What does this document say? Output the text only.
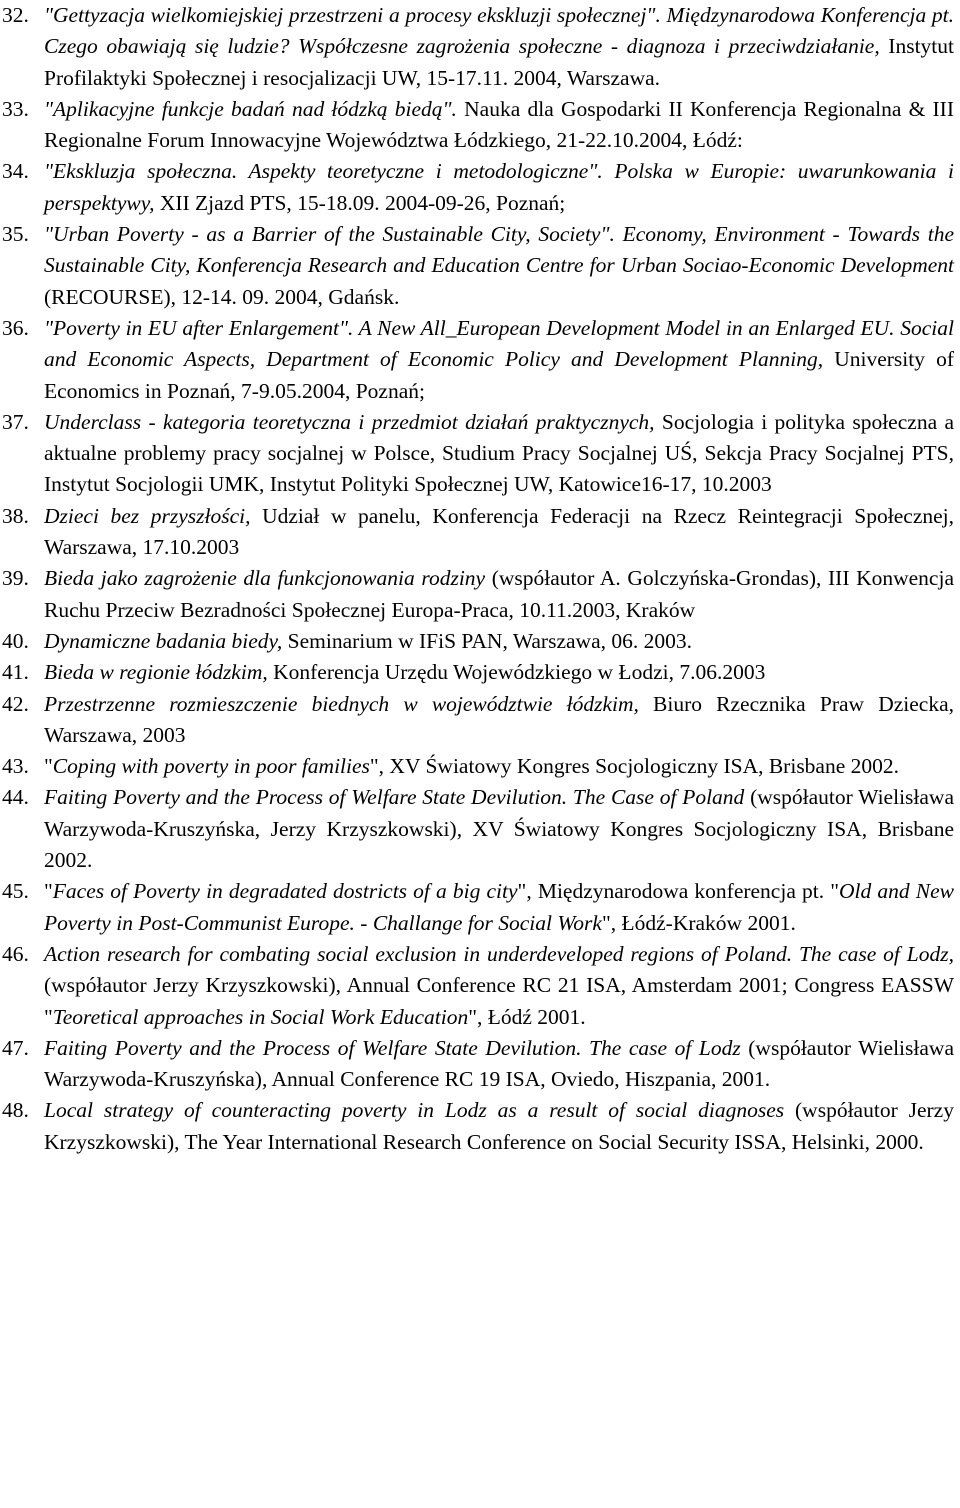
32. "Gettyzacja wielkomiejskiej przestrzeni a procesy ekskluzji społecznej". Międzynarodowa Konferencja pt. Czego obawiają się ludzie? Współczesne zagrożenia społeczne - diagnoza i przeciwdziałanie, Instytut Profilaktyki Społecznej i resocjalizacji UW, 15-17.11. 2004, Warszawa.
33. "Aplikacyjne funkcje badań nad łódzką biedą". Nauka dla Gospodarki II Konferencja Regionalna & III Regionalne Forum Innowacyjne Województwa Łódzkiego, 21-22.10.2004, Łódź:
34. "Ekskluzja społeczna. Aspekty teoretyczne i metodologiczne". Polska w Europie: uwarunkowania i perspektywy, XII Zjazd PTS, 15-18.09. 2004-09-26, Poznań;
35. "Urban Poverty - as a Barrier of the Sustainable City, Society". Economy, Environment - Towards the Sustainable City, Konferencja Research and Education Centre for Urban Sociao-Economic Development (RECOURSE), 12-14. 09. 2004, Gdańsk.
36. "Poverty in EU after Enlargement". A New All_European Development Model in an Enlarged EU. Social and Economic Aspects, Department of Economic Policy and Development Planning, University of Economics in Poznań, 7-9.05.2004, Poznań;
37. Underclass - kategoria teoretyczna i przedmiot działań praktycznych, Socjologia i polityka społeczna a aktualne problemy pracy socjalnej w Polsce, Studium Pracy Socjalnej UŚ, Sekcja Pracy Socjalnej PTS, Instytut Socjologii UMK, Instytut Polityki Społecznej UW, Katowice16-17, 10.2003
38. Dzieci bez przyszłości, Udział w panelu, Konferencja Federacji na Rzecz Reintegracji Społecznej, Warszawa, 17.10.2003
39. Bieda jako zagrożenie dla funkcjonowania rodziny (współautor A. Golczyńska-Grondas), III Konwencja Ruchu Przeciw Bezradności Społecznej Europa-Praca, 10.11.2003, Kraków
40. Dynamiczne badania biedy, Seminarium w IFiS PAN, Warszawa, 06. 2003.
41. Bieda w regionie łódzkim, Konferencja Urzędu Wojewódzkiego w Łodzi, 7.06.2003
42. Przestrzenne rozmieszczenie biednych w województwie łódzkim, Biuro Rzecznika Praw Dziecka, Warszawa, 2003
43. "Coping with poverty in poor families", XV Światowy Kongres Socjologiczny ISA, Brisbane 2002.
44. Faiting Poverty and the Process of Welfare State Devilution. The Case of Poland (współautor Wielisława Warzywoda-Kruszyńska, Jerzy Krzyszkowski), XV Światowy Kongres Socjologiczny ISA, Brisbane 2002.
45. "Faces of Poverty in degradated dostricts of a big city", Międzynarodowa konferencja pt. "Old and New Poverty in Post-Communist Europe. - Challange for Social Work", Łódź-Kraków 2001.
46. Action research for combating social exclusion in underdeveloped regions of Poland. The case of Lodz, (współautor Jerzy Krzyszkowski), Annual Conference RC 21 ISA, Amsterdam 2001; Congress EASSW "Teoretical approaches in Social Work Education", Łódź 2001.
47. Faiting Poverty and the Process of Welfare State Devilution. The case of Lodz (współautor Wielisława Warzywoda-Kruszyńska), Annual Conference RC 19 ISA, Oviedo, Hiszpania, 2001.
48. Local strategy of counteracting poverty in Lodz as a result of social diagnoses (współautor Jerzy Krzyszkowski), The Year International Research Conference on Social Security ISSA, Helsinki, 2000.
